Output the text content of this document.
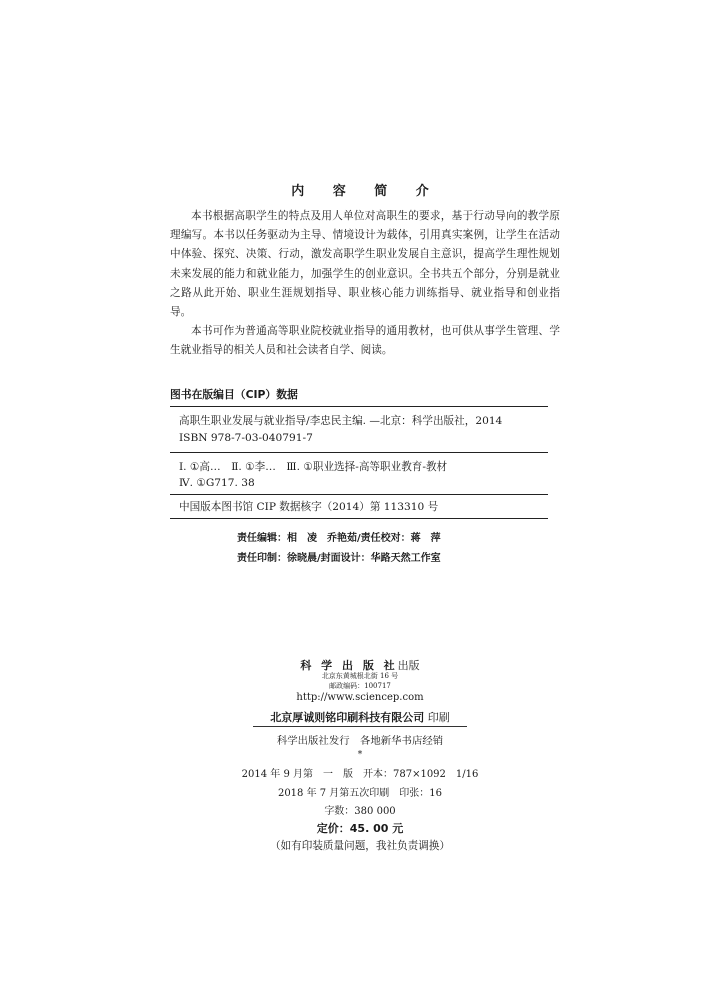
内 容 简 介

本书根据高职学生的特点及用人单位对高职生的要求，基于行动导向的教学原理编写。本书以任务驱动为主导、情境设计为载体，引用真实案例，让学生在活动中体验、探究、决策、行动，激发高职学生职业发展自主意识，提高学生理性规划未来发展的能力和就业能力，加强学生的创业意识。全书共五个部分，分别是就业之路从此开始、职业生涯规划指导、职业核心能力训练指导、就业指导和创业指导。

本书可作为普通高等职业院校就业指导的通用教材，也可供从事学生管理、学生就业指导的相关人员和社会读者自学、阅读。

图书在版编目（CIP）数据
高职生职业发展与就业指导/李忠民主编. —北京：科学出版社，2014
ISBN 978-7-03-040791-7
Ⅰ. ①高…　Ⅱ. ①李…　Ⅲ. ①职业选择-高等职业教育-教材
Ⅳ. ①G717. 38
中国版本图书馆 CIP 数据核字（2014）第 113310 号
责任编辑：相　凌　乔艳茹/责任校对：蒋　萍
责任印制：徐晓晨/封面设计：华路天然工作室
科 学 出 版 社出版
北京东黄城根北街 16 号
邮政编码：100717
http://www.sciencep.com
北京厚诚则铭印刷科技有限公司 印刷
科学出版社发行　各地新华书店经销
*
2014 年 9 月第　一　版　开本：787×1092　1/16
2018 年 7 月第五次印刷　印张：16
字数：380 000
定价：45. 00 元
（如有印装质量问题，我社负责调换）
